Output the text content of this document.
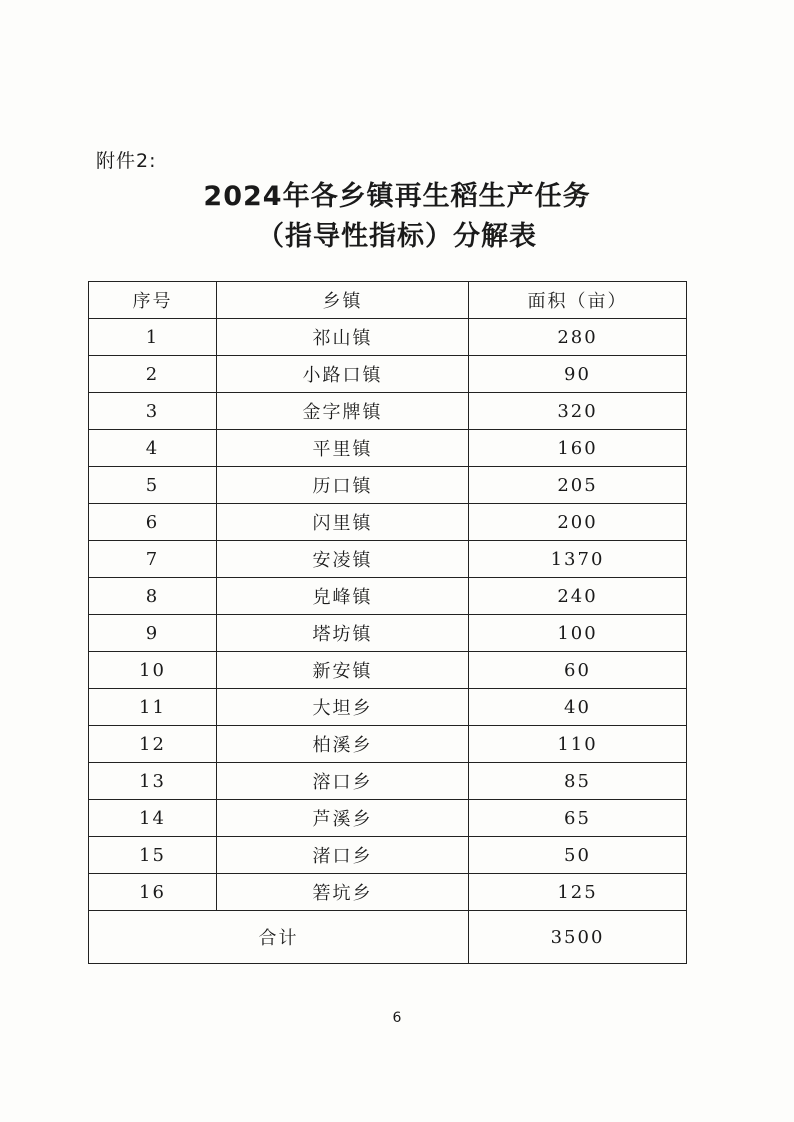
附件2:
2024年各乡镇再生稻生产任务
（指导性指标）分解表
序号	乡镇	面积（亩）
1	祁山镇	280
2	小路口镇	90
3	金字牌镇	320
4	平里镇	160
5	历口镇	205
6	闪里镇	200
7	安凌镇	1370
8	皃峰镇	240
9	塔坊镇	100
10	新安镇	60
11	大坦乡	40
12	柏溪乡	110
13	溶口乡	85
14	芦溪乡	65
15	渚口乡	50
16	箬坑乡	125
合计		3500
6
